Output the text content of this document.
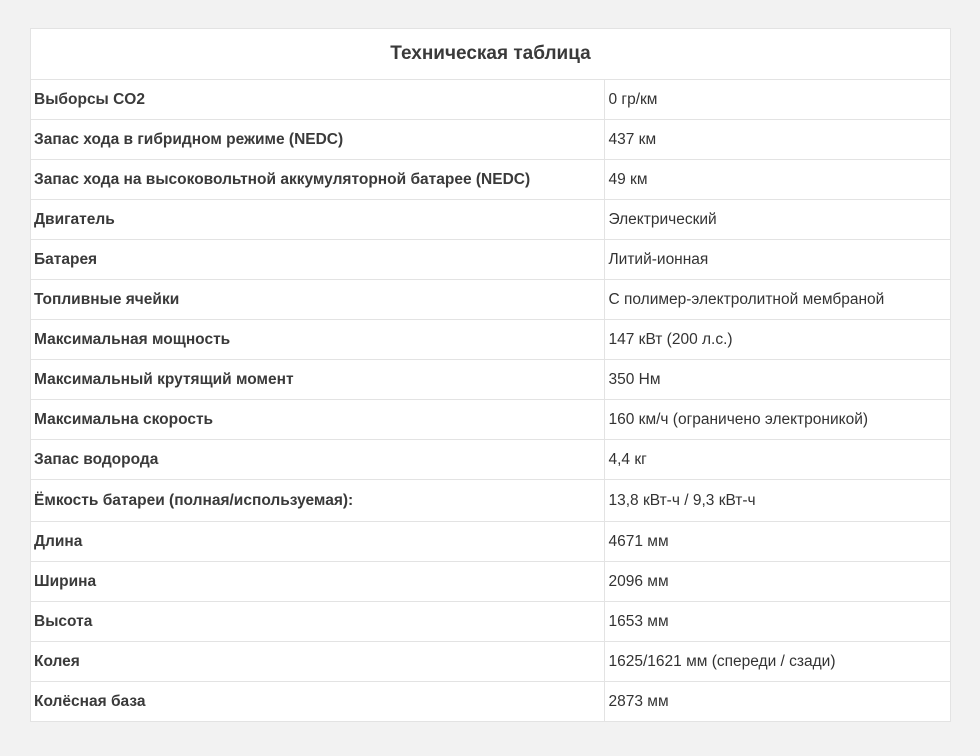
Техническая таблица
Выборсы CO2	0 гр/км
Запас хода в гибридном режиме (NEDC)	437 км
Запас хода на высоковольтной аккумуляторной батарее (NEDC)	49 км
Двигатель	Электрический
Батарея	Литий-ионная
Топливные ячейки	С полимер-электролитной мембраной
Максимальная мощность	147 кВт (200 л.с.)
Максимальный крутящий момент	350 Нм
Максимальна скорость	160 км/ч (ограничено электроникой)
Запас водорода	4,4 кг
Ёмкость батареи (полная/используемая):	13,8 кВт-ч / 9,3 кВт-ч
Длина	4671 мм
Ширина	2096 мм
Высота	1653 мм
Колея	1625/1621 мм (спереди / сзади)
Колёсная база	2873 мм
